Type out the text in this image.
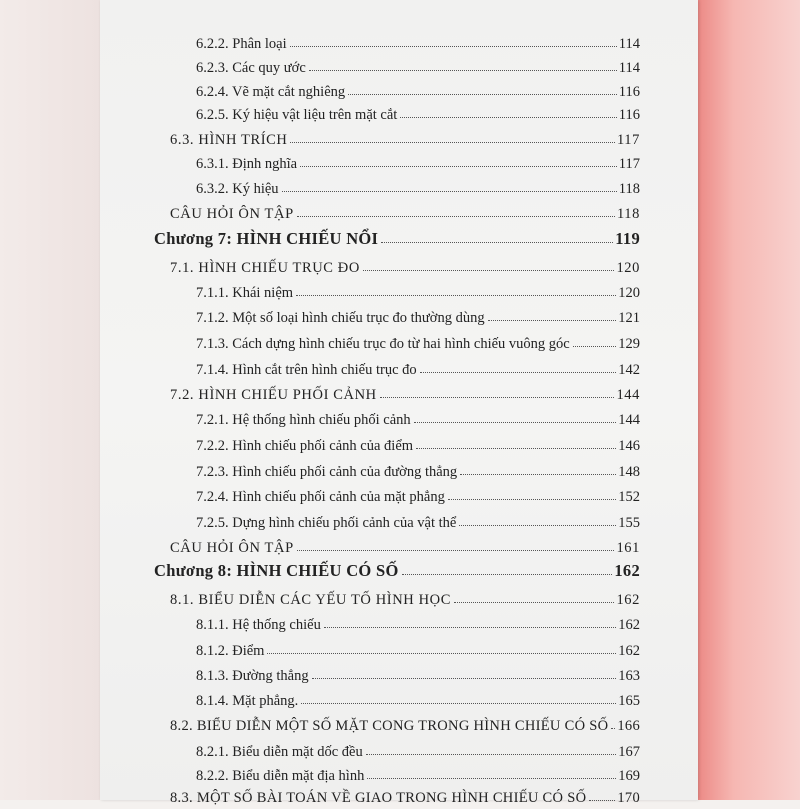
6.2.2. Phân loại	114
6.2.3. Các quy ước	114
6.2.4. Vẽ mặt cắt nghiêng	116
6.2.5. Ký hiệu vật liệu trên mặt cắt	116
6.3. HÌNH TRÍCH	117
6.3.1. Định nghĩa	117
6.3.2. Ký hiệu	118
CÂU HỎI ÔN TẬP	118
Chương 7: HÌNH CHIẾU NỔI	119
7.1. HÌNH CHIẾU TRỤC ĐO	120
7.1.1. Khái niệm	120
7.1.2. Một số loại hình chiếu trục đo thường dùng	121
7.1.3. Cách dựng hình chiếu trục đo từ hai hình chiếu vuông góc	129
7.1.4. Hình cắt trên hình chiếu trục đo	142
7.2. HÌNH CHIẾU PHỐI CẢNH	144
7.2.1. Hệ thống hình chiếu phối cảnh	144
7.2.2. Hình chiếu phối cảnh của điểm	146
7.2.3. Hình chiếu phối cảnh của đường thẳng	148
7.2.4. Hình chiếu phối cảnh của mặt phẳng	152
7.2.5. Dựng hình chiếu phối cảnh của vật thể	155
CÂU HỎI ÔN TẬP	161
Chương 8: HÌNH CHIẾU CÓ SỐ	162
8.1. BIỂU DIỄN CÁC YẾU TỐ HÌNH HỌC	162
8.1.1. Hệ thống chiếu	162
8.1.2. Điểm	162
8.1.3. Đường thẳng	163
8.1.4. Mặt phẳng.	165
8.2. BIỂU DIỄN MỘT SỐ MẶT CONG TRONG HÌNH CHIẾU CÓ SỐ 166
8.2.1. Biểu diễn mặt dốc đều	167
8.2.2. Biểu diễn mặt địa hình	169
8.3. MỘT SỐ BÀI TOÁN VỀ GIAO TRONG HÌNH CHIẾU CÓ SỐ 170
